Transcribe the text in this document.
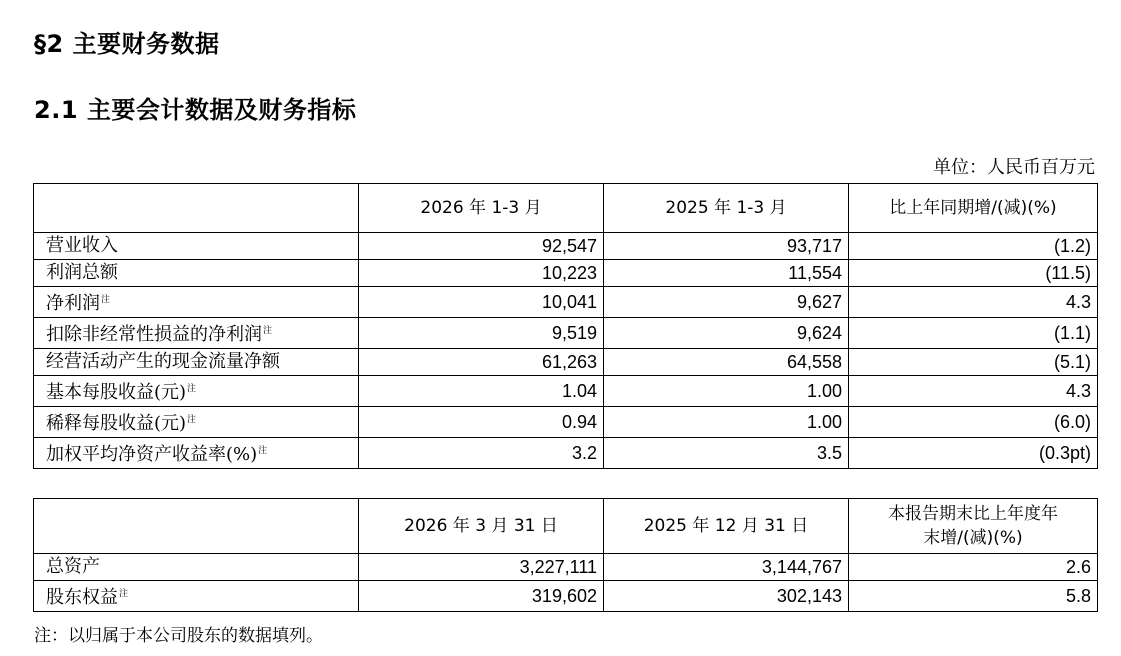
§2 主要财务数据
2.1 主要会计数据及财务指标
单位：人民币百万元
	2026 年 1-3 月	2025 年 1-3 月	比上年同期增/(减)(%)
营业收入	92,547	93,717	(1.2)
利润总额	10,223	11,554	(11.5)
净利润$^注$	10,041	9,627	4.3
扣除非经常性损益的净利润$^注$	9,519	9,624	(1.1)
经营活动产生的现金流量净额	61,263	64,558	(5.1)
基本每股收益(元)$^注$	1.04	1.00	4.3
稀释每股收益(元)$^注$	0.94	1.00	(6.0)
加权平均净资产收益率(%)$^注$	3.2	3.5	(0.3pt)
	2026 年 3 月 31 日	2025 年 12 月 31 日	本报告期末比上年度年
末增/(减)(%)

总资产	3,227,111	3,144,767	2.6
股东权益$^注$	319,602	302,143	5.8
注：以归属于本公司股东的数据填列。
